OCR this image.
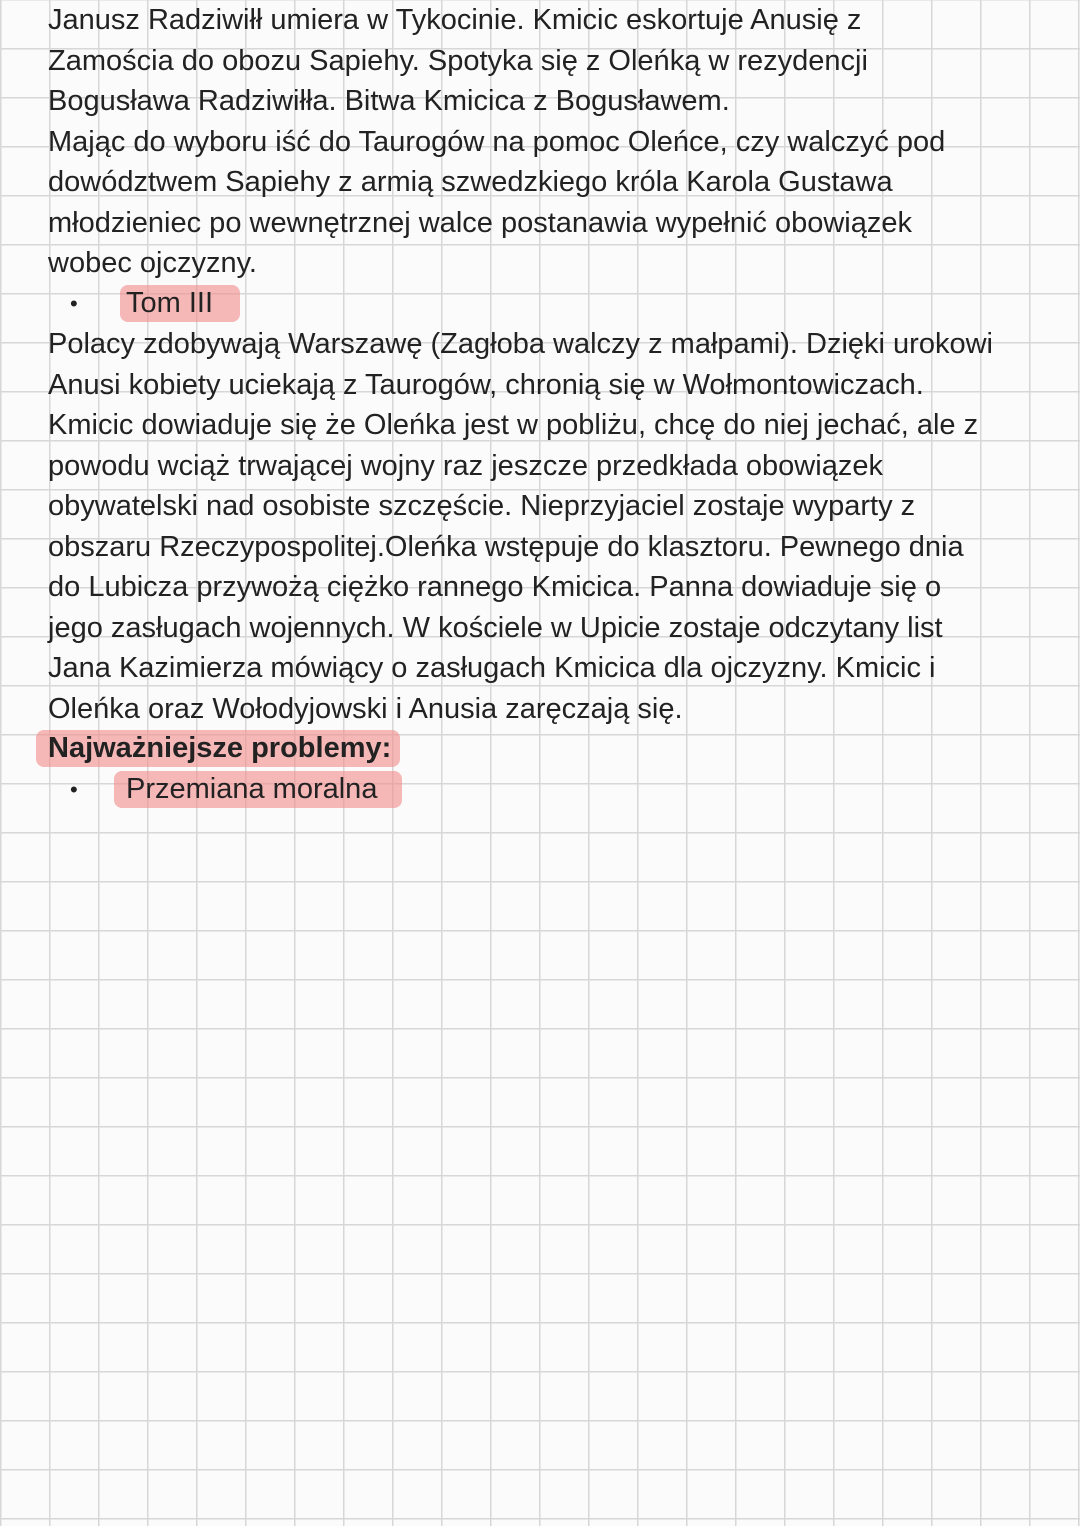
Janusz Radziwiłł umiera w Tykocinie. Kmicic eskortuje Anusię z
Zamościa do obozu Sapiehy. Spotyka się z Oleńką w rezydencji
Bogusława Radziwiłła. Bitwa Kmicica z Bogusławem.
Mając do wyboru iść do Taurogów na pomoc Oleńce, czy walczyć pod
dowództwem Sapiehy z armią szwedzkiego króla Karola Gustawa
młodzieniec po wewnętrznej walce postanawia wypełnić obowiązek
wobec ojczyzny.

• Tom III

Polacy zdobywają Warszawę (Zagłoba walczy z małpami). Dzięki urokowi
Anusi kobiety uciekają z Taurogów, chronią się w Wołmontowiczach.
Kmicic dowiaduje się że Oleńka jest w pobliżu, chcę do niej jechać, ale z
powodu wciąż trwającej wojny raz jeszcze przedkłada obowiązek
obywatelski nad osobiste szczęście. Nieprzyjaciel zostaje wyparty z
obszaru Rzeczypospolitej.Oleńka wstępuje do klasztoru. Pewnego dnia
do Lubicza przywożą ciężko rannego Kmicica. Panna dowiaduje się o
jego zasługach wojennych. W kościele w Upicie zostaje odczytany list
Jana Kazimierza mówiący o zasługach Kmicica dla ojczyzny. Kmicic i
Oleńka oraz Wołodyjowski i Anusia zaręczają się.

Najważniejsze problemy:
•	Przemiana moralna
